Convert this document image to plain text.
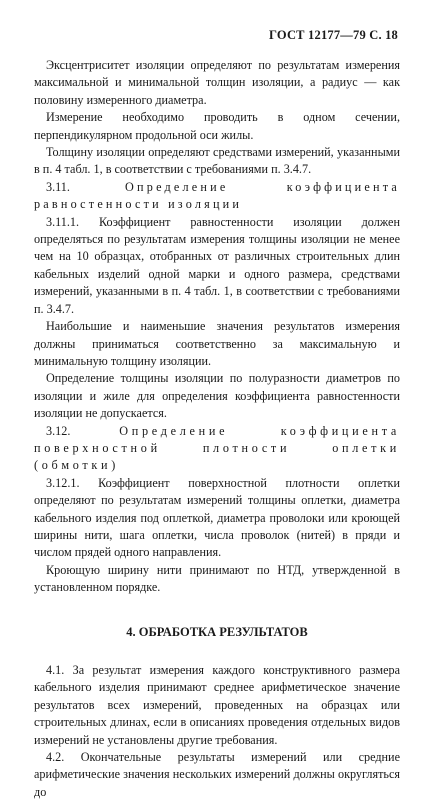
ГОСТ 12177—79 С. 18

Эксцентриситет изоляции определяют по результатам измерения максимальной и минимальной толщин изоляции, а радиус — как половину измеренного диаметра.

Измерение необходимо проводить в одном сечении, перпендикулярном продольной оси жилы.

Толщину изоляции определяют средствами измерений, указанными в п. 4 табл. 1, в соответствии с требованиями п. 3.4.7.

3.11.	Определение коэффициента равностенности изоляции

3.11.1. Коэффициент равностенности изоляции должен определяться по результатам измерения толщины изоляции не менее чем на 10 образцах, отобранных от различных строительных длин кабельных изделий одной марки и одного размера, средствами измерений, указанными в п. 4 табл. 1, в соответствии с требованиями п. 3.4.7.

Наибольшие и наименьшие значения результатов измерения должны приниматься соответственно за максимальную и минимальную толщину изоляции.

Определение толщины изоляции по полуразности диаметров по изоляции и жиле для определения коэффициента равностенности изоляции не допускается.

3.12.	Определение коэффициента поверхностной плотности оплетки (обмотки)

3.12.1. Коэффициент поверхностной плотности оплетки определяют по результатам измерений толщины оплетки, диаметра кабельного изделия под оплеткой, диаметра проволоки или кроющей ширины нити, шага оплетки, числа проволок (нитей) в пряди и числом прядей одного направления.

Кроющую ширину нити принимают по НТД, утвержденной в установленном порядке.

4. ОБРАБОТКА РЕЗУЛЬТАТОВ

4.1. За результат измерения каждого конструктивного размера кабельного изделия принимают среднее арифметическое значение результатов всех измерений, проведенных на образцах или строительных длинах, если в описаниях проведения отдельных видов измерений не установлены другие требования.

4.2. Окончательные результаты измерений или средние арифметические значения нескольких измерений должны округляться до
